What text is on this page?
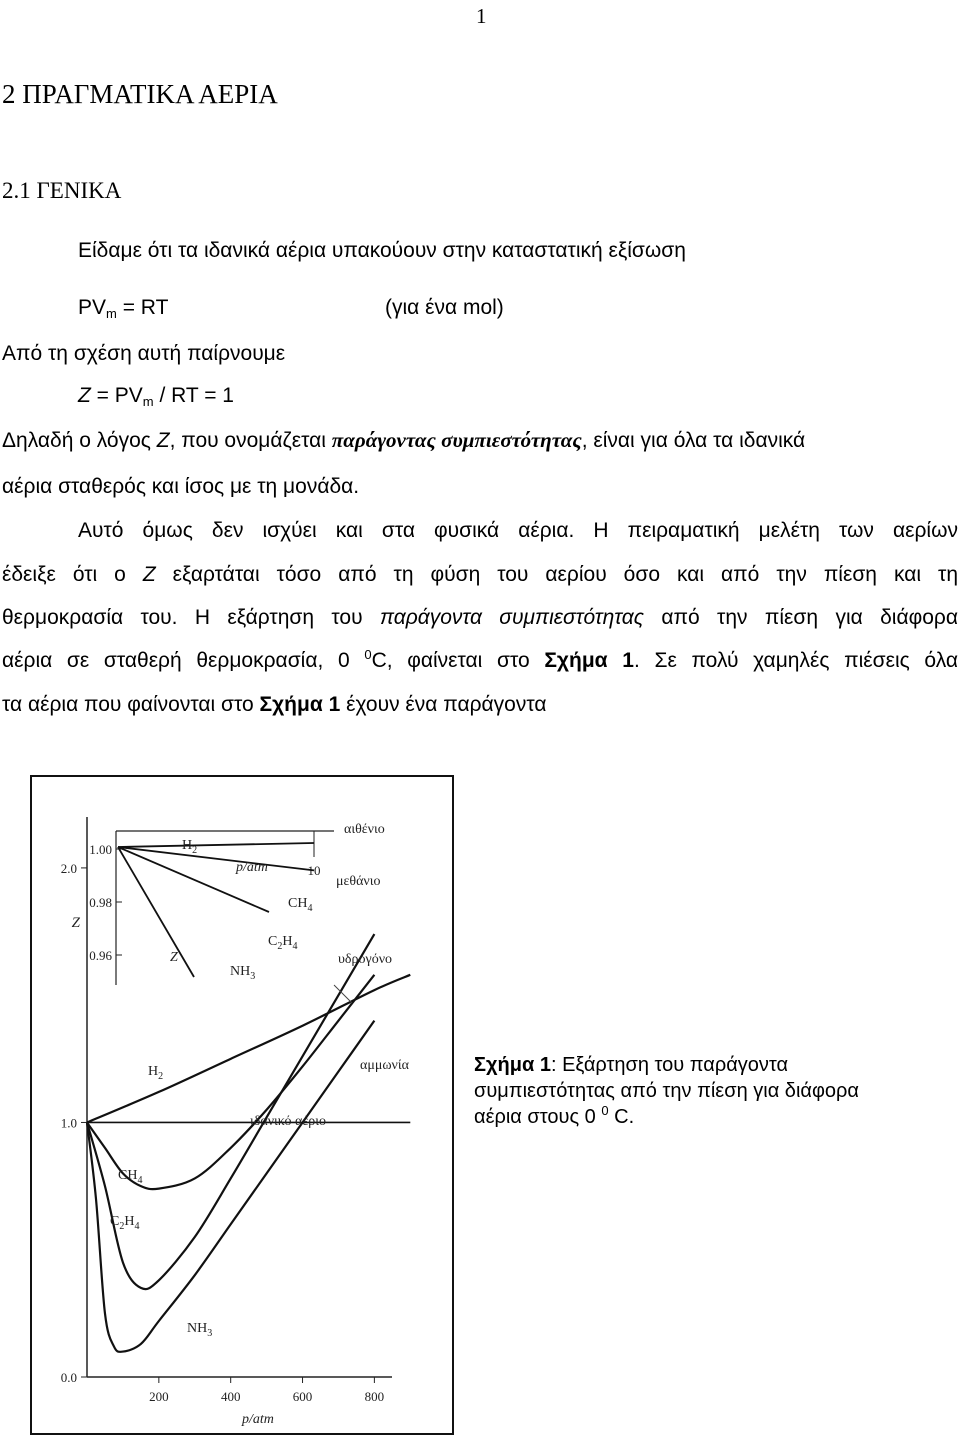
1
2 ΠΡΑΓΜΑΤΙΚΑ ΑΕΡΙΑ
2.1 ΓΕΝΙΚΑ
Είδαμε ότι τα ιδανικά αέρια υπακούουν στην καταστατική εξίσωση
$PV_m$ = RT	(για ένα mol)
Από τη σχέση αυτή παίρνουμε
$Z = PV_m$ / RT = 1
Δηλαδή ο λόγος Z, που ονομάζεται παράγοντας συμπιεστότητας, είναι για όλα τα ιδανικά
αέρια σταθερός και ίσος με τη μονάδα.
Αυτό όμως δεν ισχύει και στα φυσικά αέρια. Η πειραματική μελέτη των αερίων
έδειξε ότι ο Z εξαρτάται τόσο από τη φύση του αερίου όσο και από την πίεση και τη
θερμοκρασία του. Η εξάρτηση του παράγοντα συμπιεστότητας από την πίεση για διάφορα
αέρια σε σταθερή θερμοκρασία, 0 $^0$C, φαίνεται στο Σχήμα 1. Σε πολύ χαμηλές πιέσεις όλα
τα αέρια που φαίνονται στο Σχήμα 1 έχουν ένα παράγοντα
2.0
1.0
0.0
200	400	600	800
Z
p/atm
$H_2$
ιδανικό αέριο
$CH_4$
$C_2H_4$
$NH_3$
αιθένιο
μεθάνιο
υδρογόνο
αμμωνία
1.00
0.98
0.96
10
p/atm
Z
$H_2$
$CH_4$
$C_2H_4$
$NH_3$
Σχήμα 1: Εξάρτηση του παράγοντα
συμπιεστότητας από την πίεση για διάφορα
αέρια στους 0 $^0$ C.
